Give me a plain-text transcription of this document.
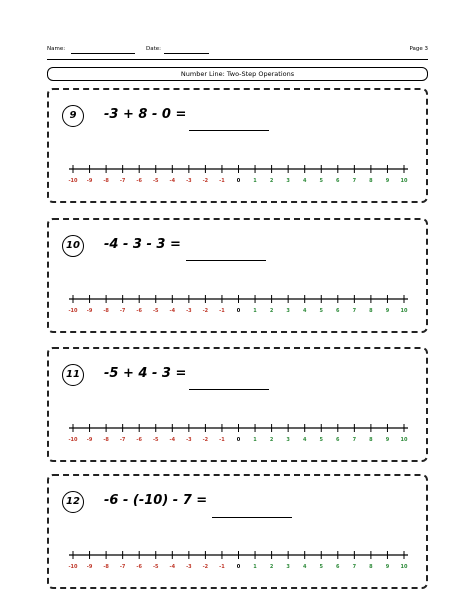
Name:	Date:	Page 3
Number Line: Two-Step Operations
9	-3 + 8 - 0 =
-10 -9 -8 -7 -6 -5 -4 -3 -2 -1 0	1	2	3	4	5	6	7	8	9 10
10	-4 - 3 - 3 =
-10 -9 -8 -7 -6 -5 -4 -3 -2 -1 0	1	2	3	4	5	6	7	8	9 10
11	-5 + 4 - 3 =
-10 -9 -8 -7 -6 -5 -4 -3 -2 -1 0	1	2	3	4	5	6	7	8	9 10
12	-6 - (-10) - 7 =
-10 -9 -8 -7 -6 -5 -4 -3 -2 -1 0	1	2	3	4	5	6	7	8	9 10
